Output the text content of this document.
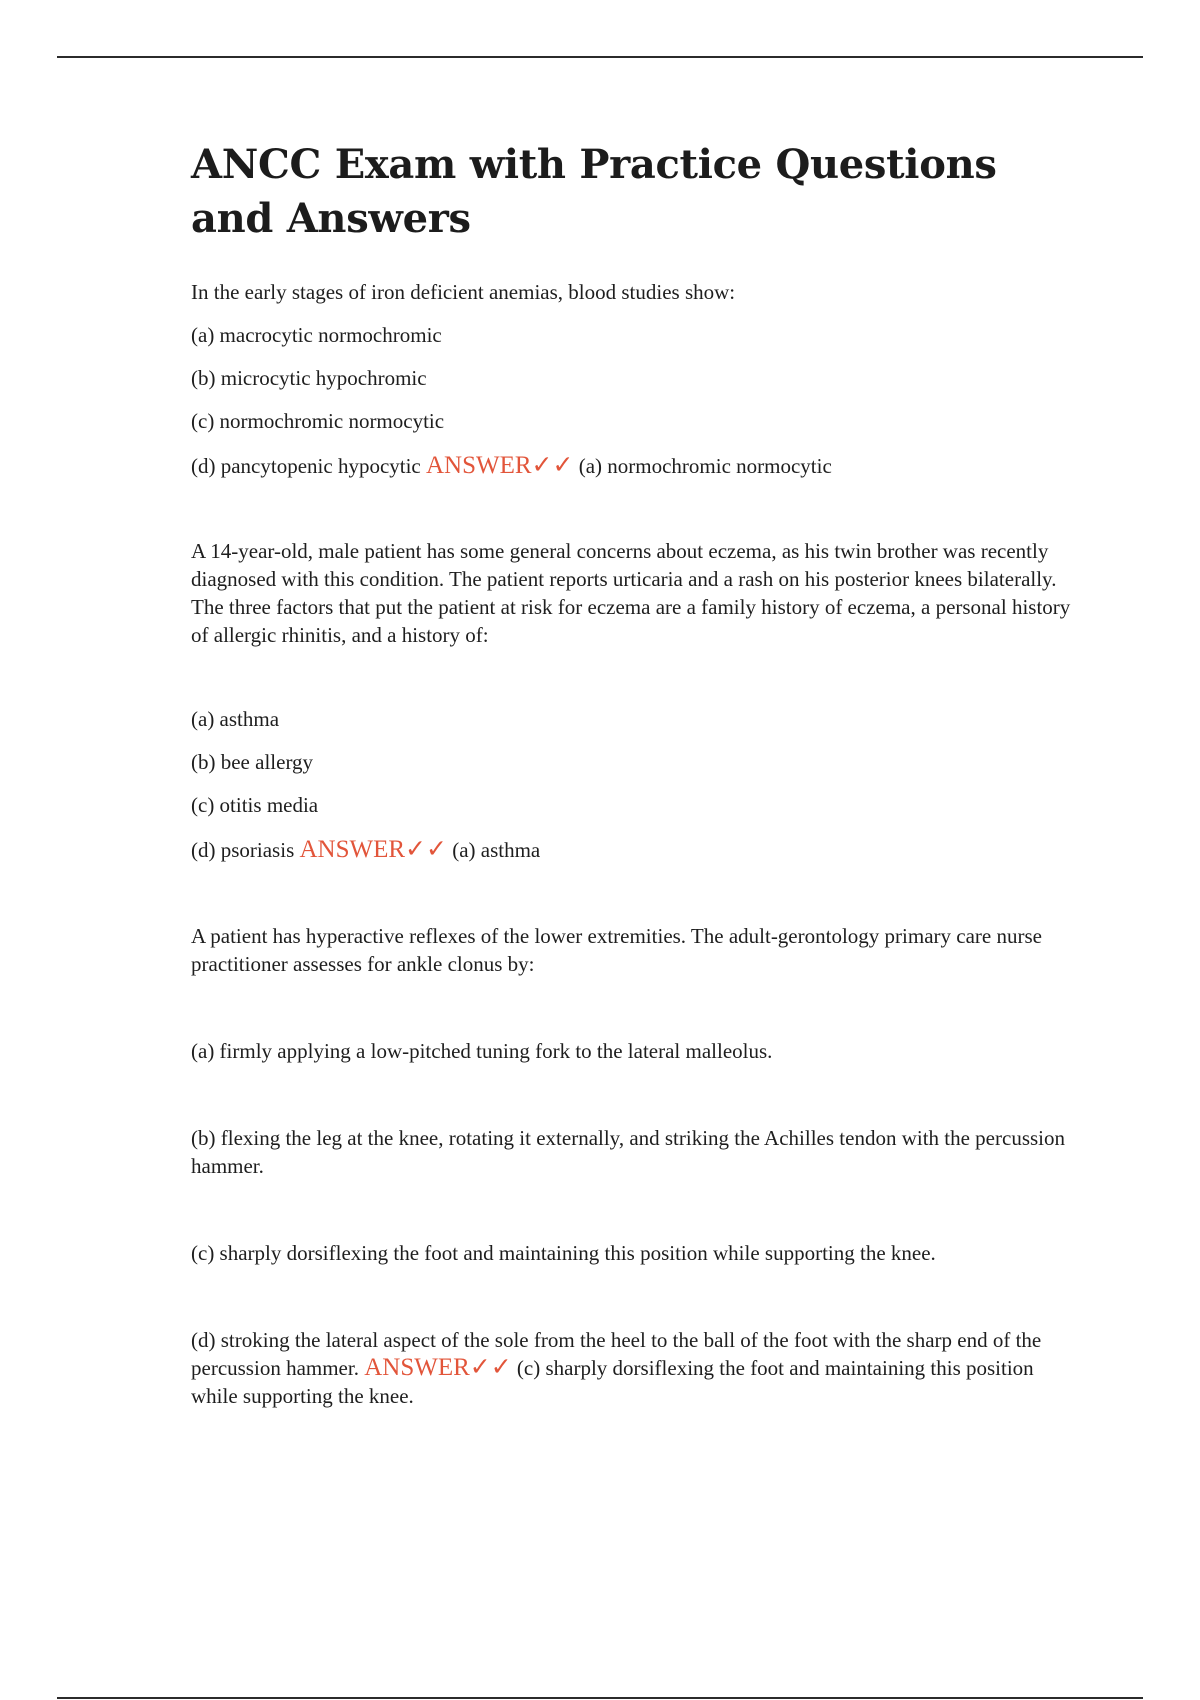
ANCC Exam with Practice Questions and Answers

In the early stages of iron deficient anemias, blood studies show:

(a) macrocytic normochromic

(b) microcytic hypochromic

(c) normochromic normocytic

(d) pancytopenic hypocytic ANSWER✓✓ (a) normochromic normocytic

A 14-year-old, male patient has some general concerns about eczema, as his twin brother was recently diagnosed with this condition. The patient reports urticaria and a rash on his posterior knees bilaterally. The three factors that put the patient at risk for eczema are a family history of eczema, a personal history of allergic rhinitis, and a history of:

(a) asthma

(b) bee allergy

(c) otitis media

(d) psoriasis ANSWER✓✓ (a) asthma

A patient has hyperactive reflexes of the lower extremities. The adult-gerontology primary care nurse practitioner assesses for ankle clonus by:

(a) firmly applying a low-pitched tuning fork to the lateral malleolus.

(b) flexing the leg at the knee, rotating it externally, and striking the Achilles tendon with the percussion hammer.

(c) sharply dorsiflexing the foot and maintaining this position while supporting the knee.

(d) stroking the lateral aspect of the sole from the heel to the ball of the foot with the sharp end of the percussion hammer. ANSWER✓✓ (c) sharply dorsiflexing the foot and maintaining this position while supporting the knee.
